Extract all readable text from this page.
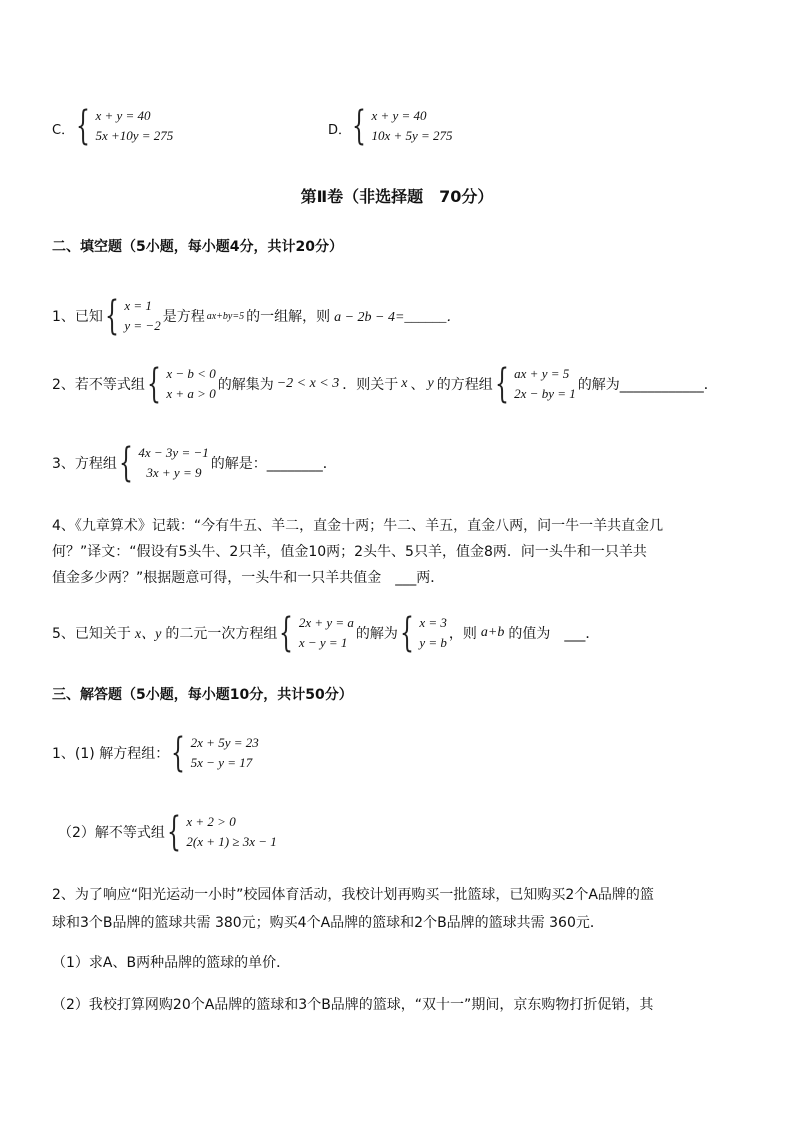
C． { x + y = 40
5x +10y = 275	D． { x + y = 40
10x + 5y = 275
第Ⅱ卷（非选择题　70分）
二、填空题（5小题，每小题4分，共计20分）
1、已知 { x = 1
y = −2
是方程 ax+by=5 的一组解，则 a − 2b − 4=______．
2、若不等式组 { x − b < 0
x + a > 0
的解集为 −2 < x < 3 ．则关于 x 、 y 的方程组 { ax + y = 5
2x − by = 1
的解为____________．
3、方程组 { 4x − 3y = −1
3x + y = 9
的解是：________．
4、《九章算术》记载：“今有牛五、羊二，直金十两；牛二、羊五，直金八两，问一牛一羊共直金几
何？”译文：“假设有5头牛、2只羊，值金10两；2头牛、5只羊，值金8两．问一头牛和一只羊共
值金多少两？”根据题意可得，一头牛和一只羊共值金　___两．
5、已知关于 x、y 的二元一次方程组 { 2x + y = a
x − y = 1
的解为 { x = 3
y = b
，则 a+b 的值为　___．
三、解答题（5小题，每小题10分，共计50分）
1、(1) 解方程组： { 2x + 5y = 23
5x − y = 17
（2）解不等式组 { x + 2 > 0
2(x + 1) ≥ 3x − 1
2、为了响应“阳光运动一小时”校园体育活动，我校计划再购买一批篮球，已知购买2个A品牌的篮
球和3个B品牌的篮球共需 380元；购买4个A品牌的篮球和2个B品牌的篮球共需 360元．
（1）求A、B两种品牌的篮球的单价．
（2）我校打算网购20个A品牌的篮球和3个B品牌的篮球，“双十一”期间，京东购物打折促销，其
